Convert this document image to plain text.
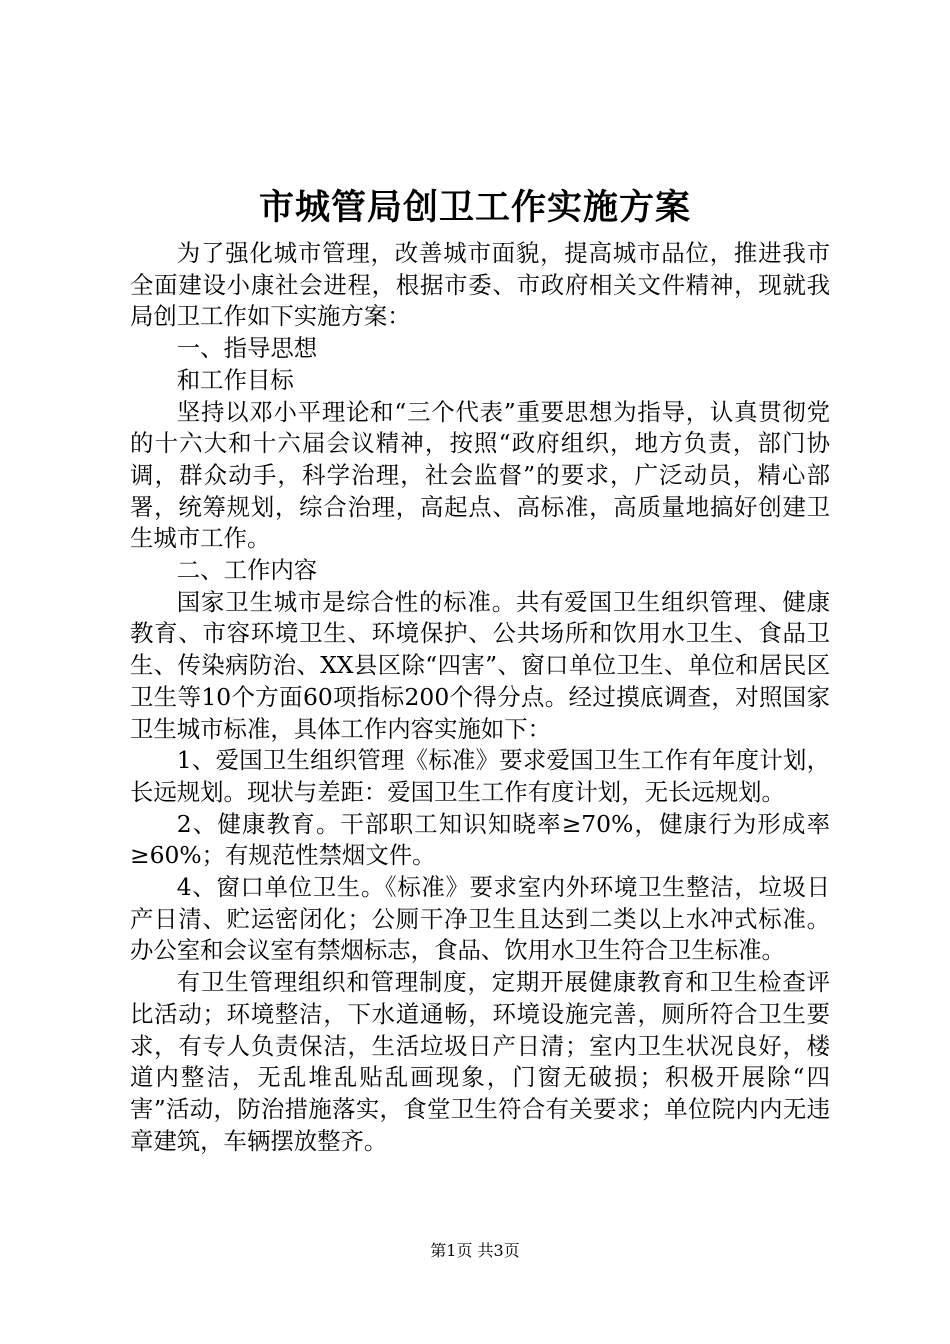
市城管局创卫工作实施方案

为了强化城市管理，改善城市面貌，提高城市品位，推进我市全面建设小康社会进程，根据市委、市政府相关文件精神，现就我局创卫工作如下实施方案：

一、指导思想

和工作目标

坚持以邓小平理论和“三个代表”重要思想为指导，认真贯彻党的十六大和十六届会议精神，按照“政府组织，地方负责，部门协调，群众动手，科学治理，社会监督”的要求，广泛动员，精心部署，统筹规划，综合治理，高起点、高标准，高质量地搞好创建卫生城市工作。

二、工作内容

国家卫生城市是综合性的标准。共有爱国卫生组织管理、健康教育、市容环境卫生、环境保护、公共场所和饮用水卫生、食品卫生、传染病防治、XX县区除“四害”、窗口单位卫生、单位和居民区卫生等10个方面60项指标200个得分点。经过摸底调查，对照国家卫生城市标准，具体工作内容实施如下：

1、爱国卫生组织管理《标准》要求爱国卫生工作有年度计划，长远规划。现状与差距：爱国卫生工作有度计划，无长远规划。

2、健康教育。干部职工知识知晓率≥70%，健康行为形成率≥60%；有规范性禁烟文件。

4、窗口单位卫生。《标准》要求室内外环境卫生整洁，垃圾日产日清、贮运密闭化；公厕干净卫生且达到二类以上水冲式标准。办公室和会议室有禁烟标志，食品、饮用水卫生符合卫生标准。

有卫生管理组织和管理制度，定期开展健康教育和卫生检查评比活动；环境整洁，下水道通畅，环境设施完善，厕所符合卫生要求，有专人负责保洁，生活垃圾日产日清；室内卫生状况良好，楼道内整洁，无乱堆乱贴乱画现象，门窗无破损；积极开展除“四害”活动，防治措施落实，食堂卫生符合有关要求；单位院内内无违章建筑，车辆摆放整齐。

第1页 共3页
